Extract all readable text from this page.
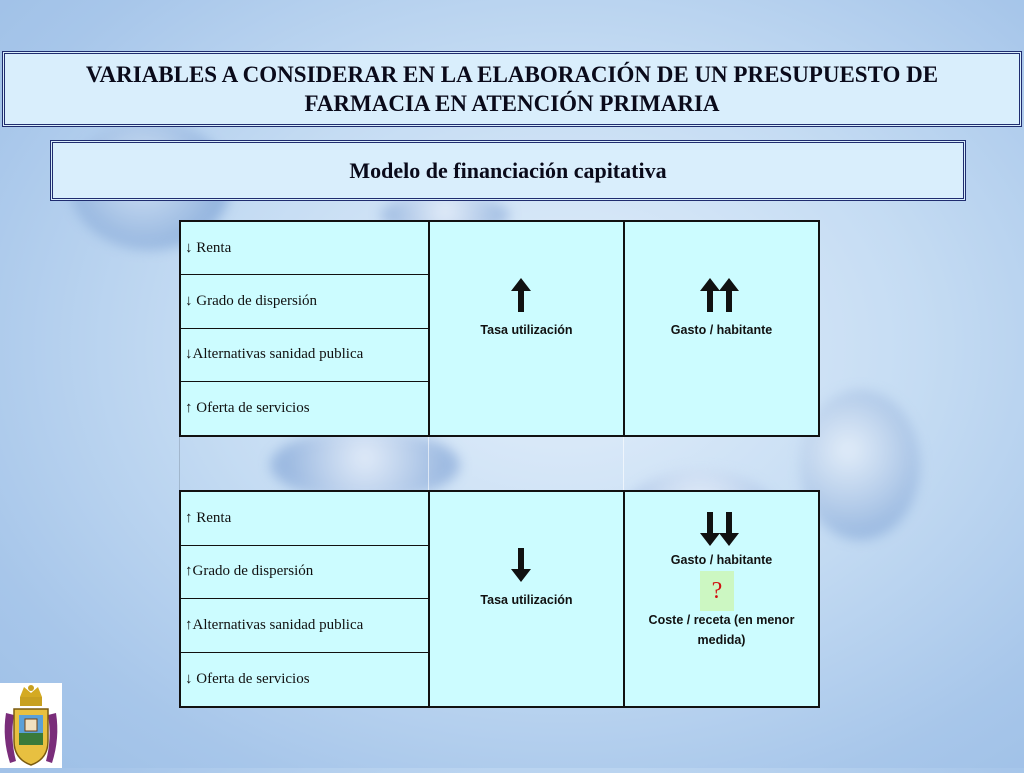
VARIABLES A CONSIDERAR EN LA ELABORACIÓN DE UN PRESUPUESTO DE FARMACIA EN ATENCIÓN PRIMARIA
Modelo de financiación capitativa
↓ Renta
↓ Grado de dispersión
↓Alternativas sanidad publica
↑ Oferta de servicios
Tasa utilización	Gasto / habitante
↑ Renta
↑Grado de dispersión
↑Alternativas sanidad publica
↓ Oferta de servicios
Tasa utilización
Gasto / habitante
Coste / receta (en menor
medida)
?
